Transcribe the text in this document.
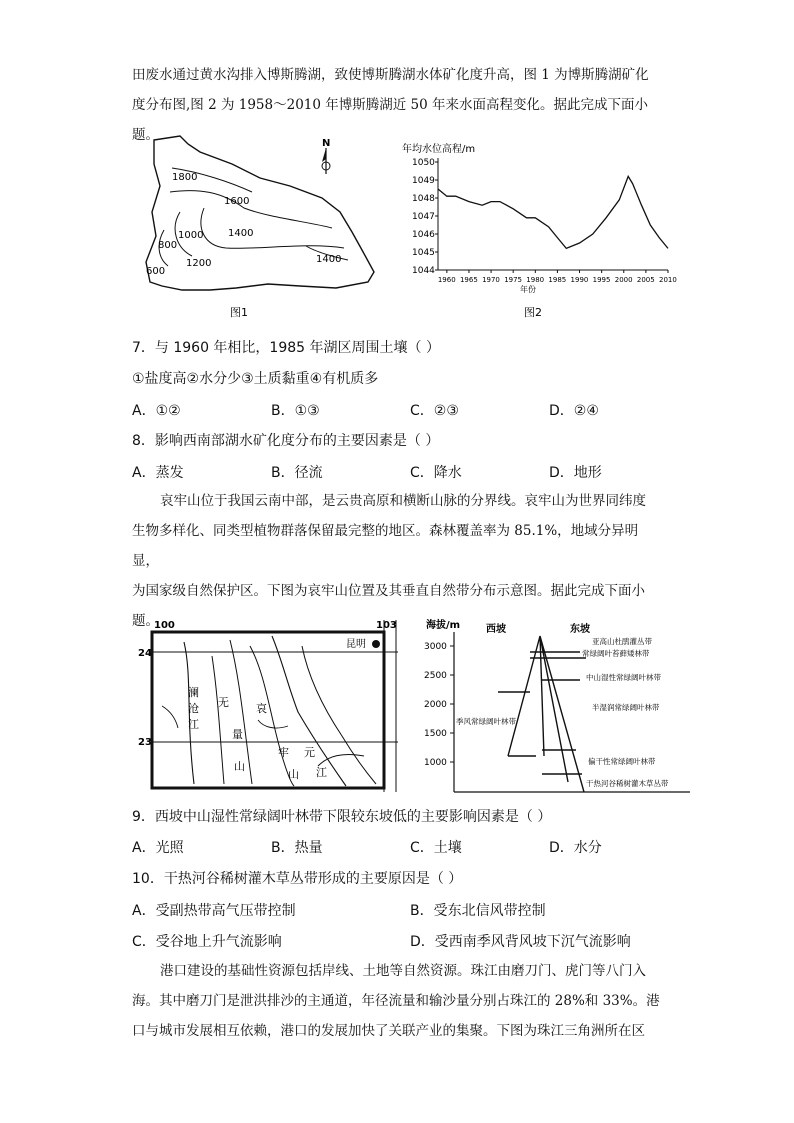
田废水通过黄水沟排入博斯腾湖，致使博斯腾湖水体矿化度升高，图 1 为博斯腾湖矿化
度分布图,图 2 为 1958～2010 年博斯腾湖近 50 年来水面高程变化。据此完成下面小题。
1800
1600
1400
1000
800
1200
600
1400
N
图1
年均水位高程/m
年份
图2
1050
1049
1048
1047
1046
1045
1044
1960 1965 1970 1975 1980 1985 1990 1995 2000 2005 2010
7．与 1960 年相比，1985 年湖区周围土壤（ ）
①盐度高②水分少③土质黏重④有机质多
A．①②	B．①③	C．②③	D．②④
8．影响西南部湖水矿化度分布的主要因素是（ ）
A．蒸发	B．径流	C．降水	D．地形
哀牢山位于我国云南中部，是云贵高原和横断山脉的分界线。哀牢山为世界同纬度
生物多样化、同类型植物群落保留最完整的地区。森林覆盖率为 85.1%，地域分异明显，
为国家级自然保护区。下图为哀牢山位置及其垂直自然带分布示意图。据此完成下面小
题。
100	103
24
23
昆明
澜
沧
江
无
量
山
哀
牢
山
元
江
海拔/m	西坡	东坡
3000
2500
2000
1500
1000
亚高山杜鹃灌丛带
常绿阔叶苔藓矮林带
中山湿性常绿阔叶林带
半湿润常绿阔叶林带
季风常绿阔叶林带
偏干性常绿阔叶林带
干热河谷稀树灌木草丛带
9．西坡中山湿性常绿阔叶林带下限较东坡低的主要影响因素是（ ）
A．光照	B．热量	C．土壤	D．水分
10．干热河谷稀树灌木草丛带形成的主要原因是（ ）
A．受副热带高气压带控制	B．受东北信风带控制
C．受谷地上升气流影响	D．受西南季风背风坡下沉气流影响
港口建设的基础性资源包括岸线、土地等自然资源。珠江由磨刀门、虎门等八门入
海。其中磨刀门是泄洪排沙的主通道，年径流量和输沙量分别占珠江的 28%和 33%。港
口与城市发展相互依赖，港口的发展加快了关联产业的集聚。下图为珠江三角洲所在区
